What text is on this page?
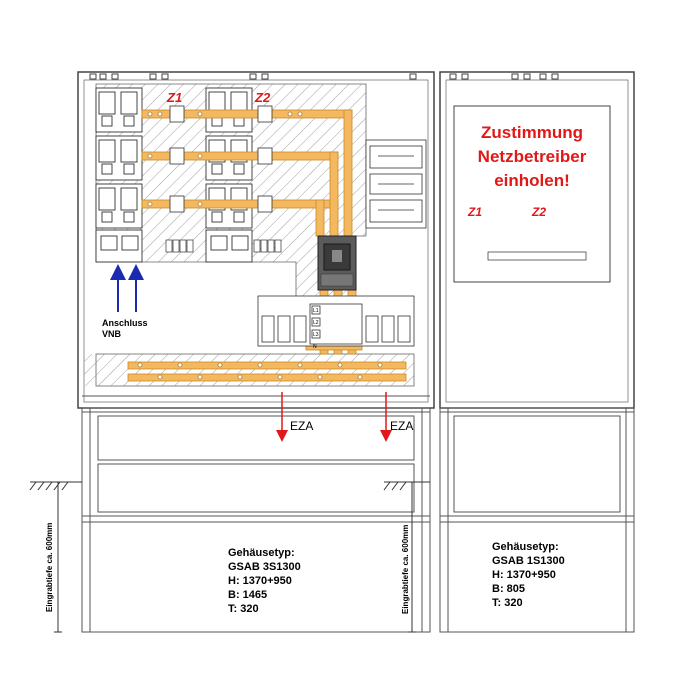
L1
L2
L3
N
Z1	Z2
Anschluss VNB
Zustimmung
Netzbetreiber
einholen!
Z1	Z2
Eingrabtiefe ca. 600mm	Eingrabtiefe ca. 600mm
EZA	EZA
Gehäusetyp:
GSAB 3S1300
H: 1370+950
B: 1465
T: 320
Gehäusetyp:
GSAB 1S1300
H: 1370+950
B: 805
T: 320
